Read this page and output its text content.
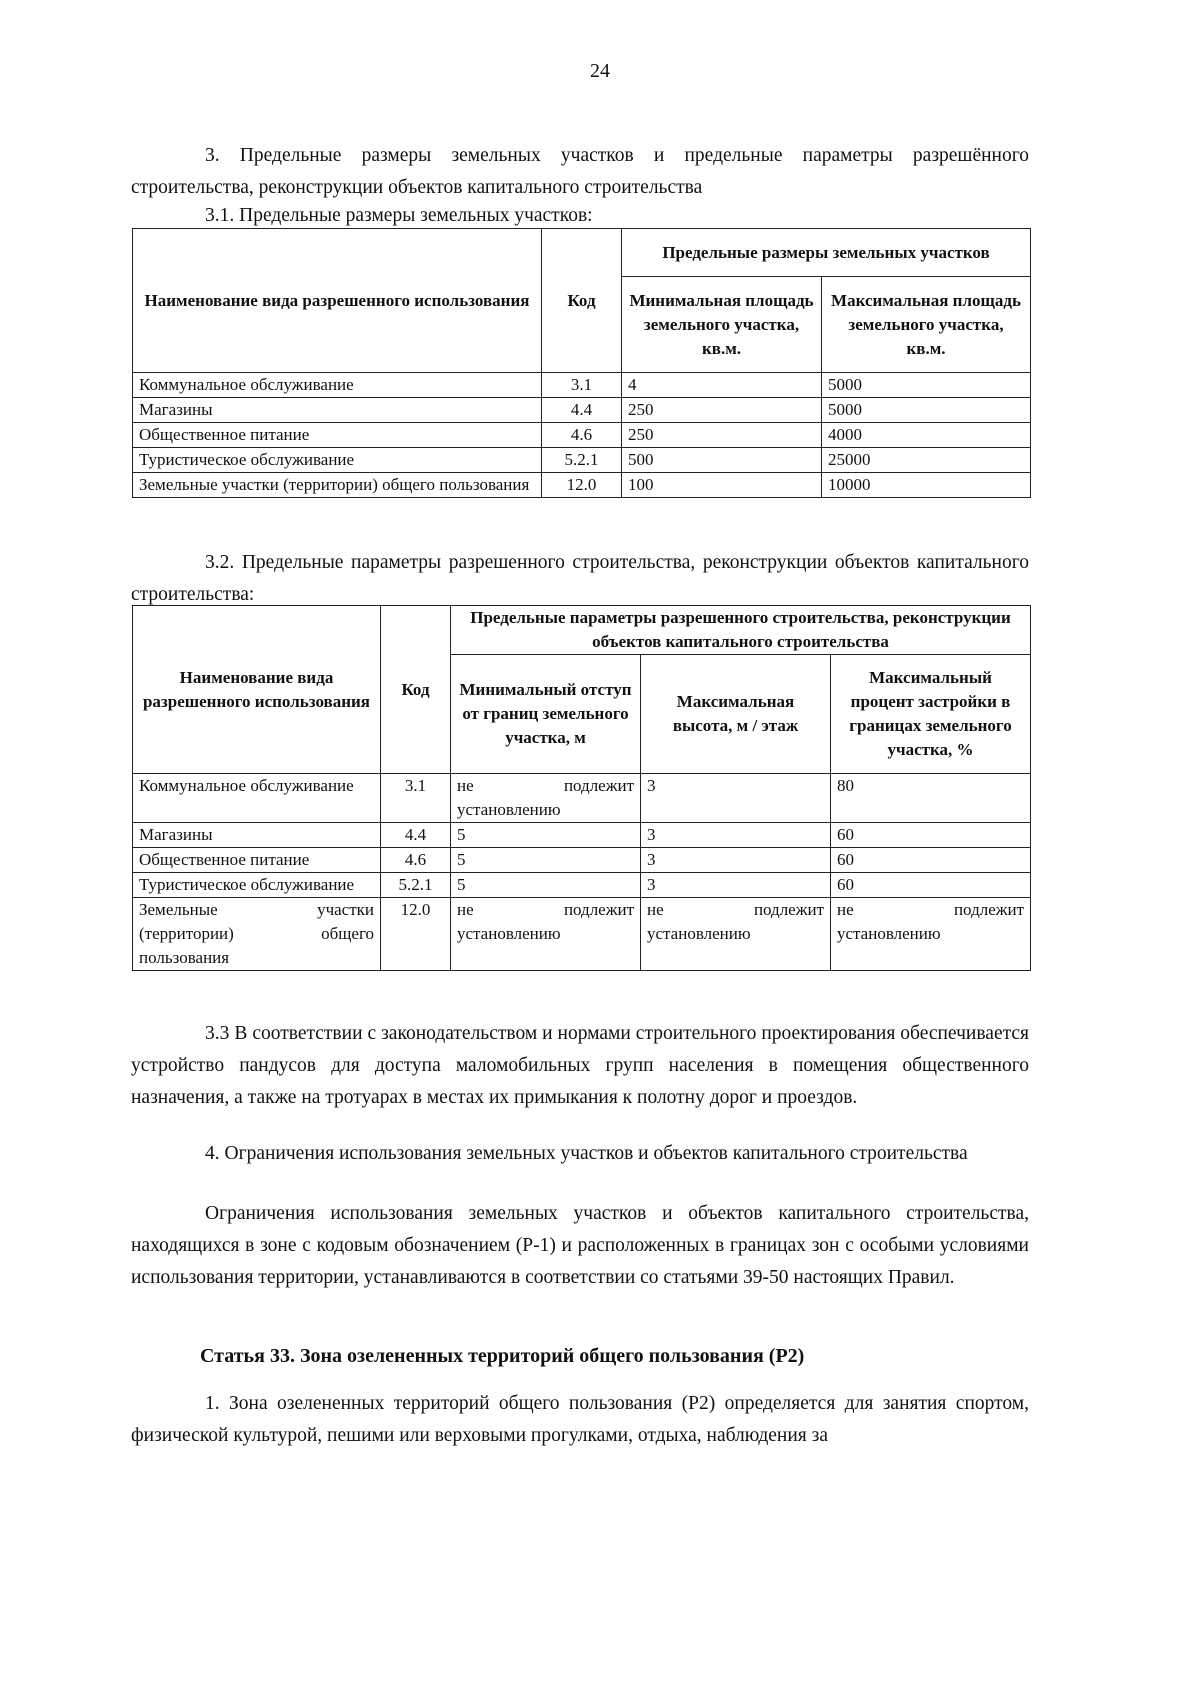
24
3. Предельные размеры земельных участков и предельные параметры разрешённого строительства, реконструкции объектов капитального строительства
3.1. Предельные размеры земельных участков:
Наименование вида разрешенного использования	Код	Предельные размеры земельных участков	
		Минимальная площадь земельного участка, кв.м.	Максимальная площадь земельного участка, кв.м.
Коммунальное обслуживание	3.1	4	5000
Магазины	4.4	250	5000
Общественное питание	4.6	250	4000
Туристическое обслуживание	5.2.1	500	25000
Земельные участки (территории) общего пользования	12.0	100	10000
3.2. Предельные параметры разрешенного строительства, реконструкции объектов капитального строительства:
Наименование вида разрешенного использования	Код	Предельные параметры разрешенного строительства, реконструкции объектов капитального строительства		
		Минимальный отступ от границ земельного участка, м	Максимальная высота, м / этаж	Максимальный процент застройки в границах земельного участка, %
Коммунальное обслуживание	3.1	не подлежит установлению	3	80
Магазины	4.4	5	3	60
Общественное питание	4.6	5	3	60
Туристическое обслуживание	5.2.1	5	3	60
Земельные участки (территории) общего пользования	12.0	не подлежит установлению	не подлежит установлению	не подлежит установлению
3.3 В соответствии с законодательством и нормами строительного проектирования обеспечивается устройство пандусов для доступа маломобильных групп населения в помещения общественного назначения, а также на тротуарах в местах их примыкания к полотну дорог и проездов.
4. Ограничения использования земельных участков и объектов капитального строительства
Ограничения использования земельных участков и объектов капитального строительства, находящихся в зоне с кодовым обозначением (Р-1) и расположенных в границах зон с особыми условиями использования территории, устанавливаются в соответствии со статьями 39-50 настоящих Правил.
Статья 33. Зона озелененных территорий общего пользования (Р2)
1. Зона озелененных территорий общего пользования (Р2) определяется для занятия спортом, физической культурой, пешими или верховыми прогулками, отдыха, наблюдения за
